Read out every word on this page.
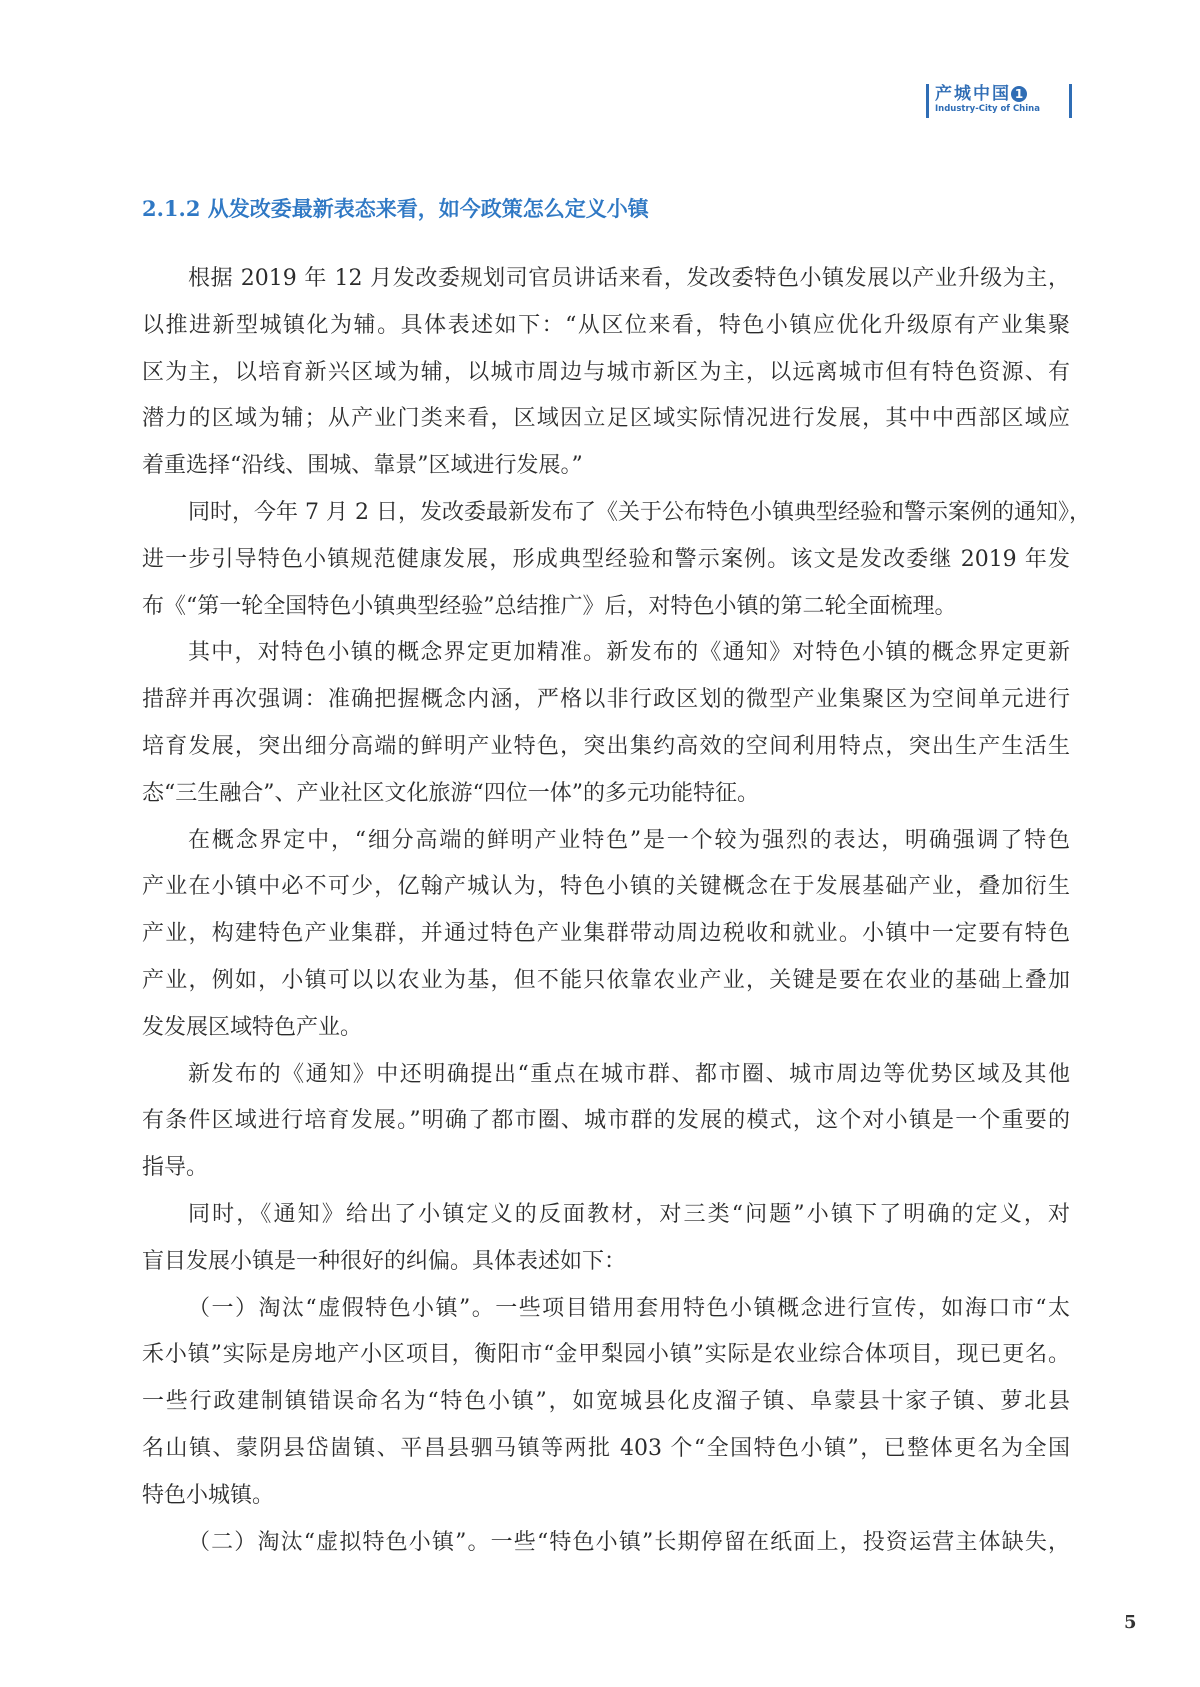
产城中国 1
Industry-City of China
2.1.2 从发改委最新表态来看，如今政策怎么定义小镇
根据 2019 年 12 月发改委规划司官员讲话来看，发改委特色小镇发展以产业升级为主，
以推进新型城镇化为辅。具体表述如下：“从区位来看，特色小镇应优化升级原有产业集聚
区为主，以培育新兴区域为辅，以城市周边与城市新区为主，以远离城市但有特色资源、有
潜力的区域为辅；从产业门类来看，区域因立足区域实际情况进行发展，其中中西部区域应
着重选择“沿线、围城、靠景”区域进行发展。”
同时，今年 7 月 2 日，发改委最新发布了《关于公布特色小镇典型经验和警示案例的通知》，
进一步引导特色小镇规范健康发展，形成典型经验和警示案例。该文是发改委继 2019 年发
布《“第一轮全国特色小镇典型经验”总结推广》后，对特色小镇的第二轮全面梳理。
其中，对特色小镇的概念界定更加精准。新发布的《通知》对特色小镇的概念界定更新
措辞并再次强调：准确把握概念内涵，严格以非行政区划的微型产业集聚区为空间单元进行
培育发展，突出细分高端的鲜明产业特色，突出集约高效的空间利用特点，突出生产生活生
态“三生融合”、产业社区文化旅游“四位一体”的多元功能特征。
在概念界定中，“细分高端的鲜明产业特色”是一个较为强烈的表达，明确强调了特色
产业在小镇中必不可少，亿翰产城认为，特色小镇的关键概念在于发展基础产业，叠加衍生
产业，构建特色产业集群，并通过特色产业集群带动周边税收和就业。小镇中一定要有特色
产业，例如，小镇可以以农业为基，但不能只依靠农业产业，关键是要在农业的基础上叠加
发发展区域特色产业。
新发布的《通知》中还明确提出“重点在城市群、都市圈、城市周边等优势区域及其他
有条件区域进行培育发展。”明确了都市圈、城市群的发展的模式，这个对小镇是一个重要的
指导。
同时，《通知》给出了小镇定义的反面教材，对三类“问题”小镇下了明确的定义，对
盲目发展小镇是一种很好的纠偏。具体表述如下：
（一）淘汰“虚假特色小镇”。一些项目错用套用特色小镇概念进行宣传，如海口市“太
禾小镇”实际是房地产小区项目，衡阳市“金甲梨园小镇”实际是农业综合体项目，现已更名。
一些行政建制镇错误命名为“特色小镇”，如宽城县化皮溜子镇、阜蒙县十家子镇、萝北县
名山镇、蒙阴县岱崮镇、平昌县驷马镇等两批 403 个“全国特色小镇”，已整体更名为全国
特色小城镇。
（二）淘汰“虚拟特色小镇”。一些“特色小镇”长期停留在纸面上，投资运营主体缺失，
5
